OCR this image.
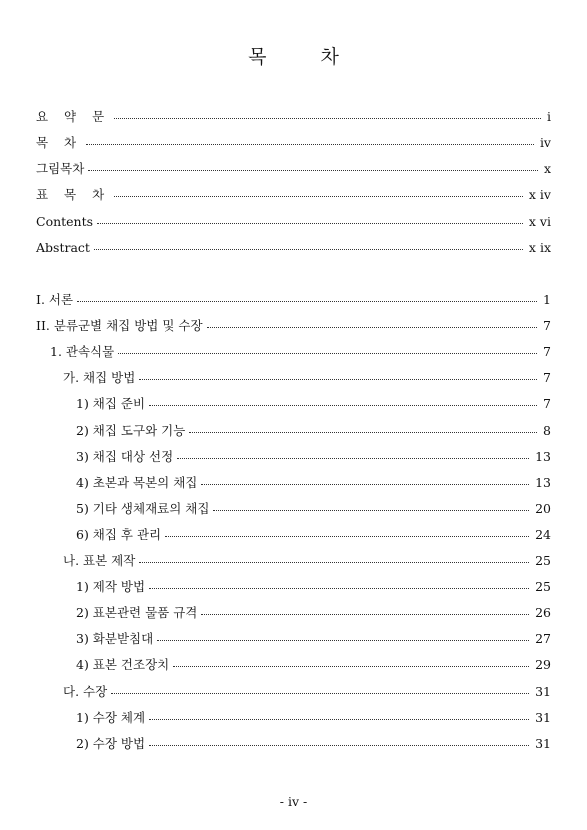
목 차
요 약 문	i
목 차	iv
그림목차	x
표 목 차	x iv
Contents	x vi
Abstract	x ix
I. 서론	1
II. 분류군별 채집 방법 및 수장	7
1. 관속식물	7
가. 채집 방법	7
1) 채집 준비	7
2) 채집 도구와 기능	8
3) 채집 대상 선정	13
4) 초본과 목본의 채집	13
5) 기타 생체재료의 채집	20
6) 채집 후 관리	24
나. 표본 제작	25
1) 제작 방법	25
2) 표본관련 물품 규격	26
3) 화분받침대	27
4) 표본 건조장치	29
다. 수장	31
1) 수장 체계	31
2) 수장 방법	31
- iv -
